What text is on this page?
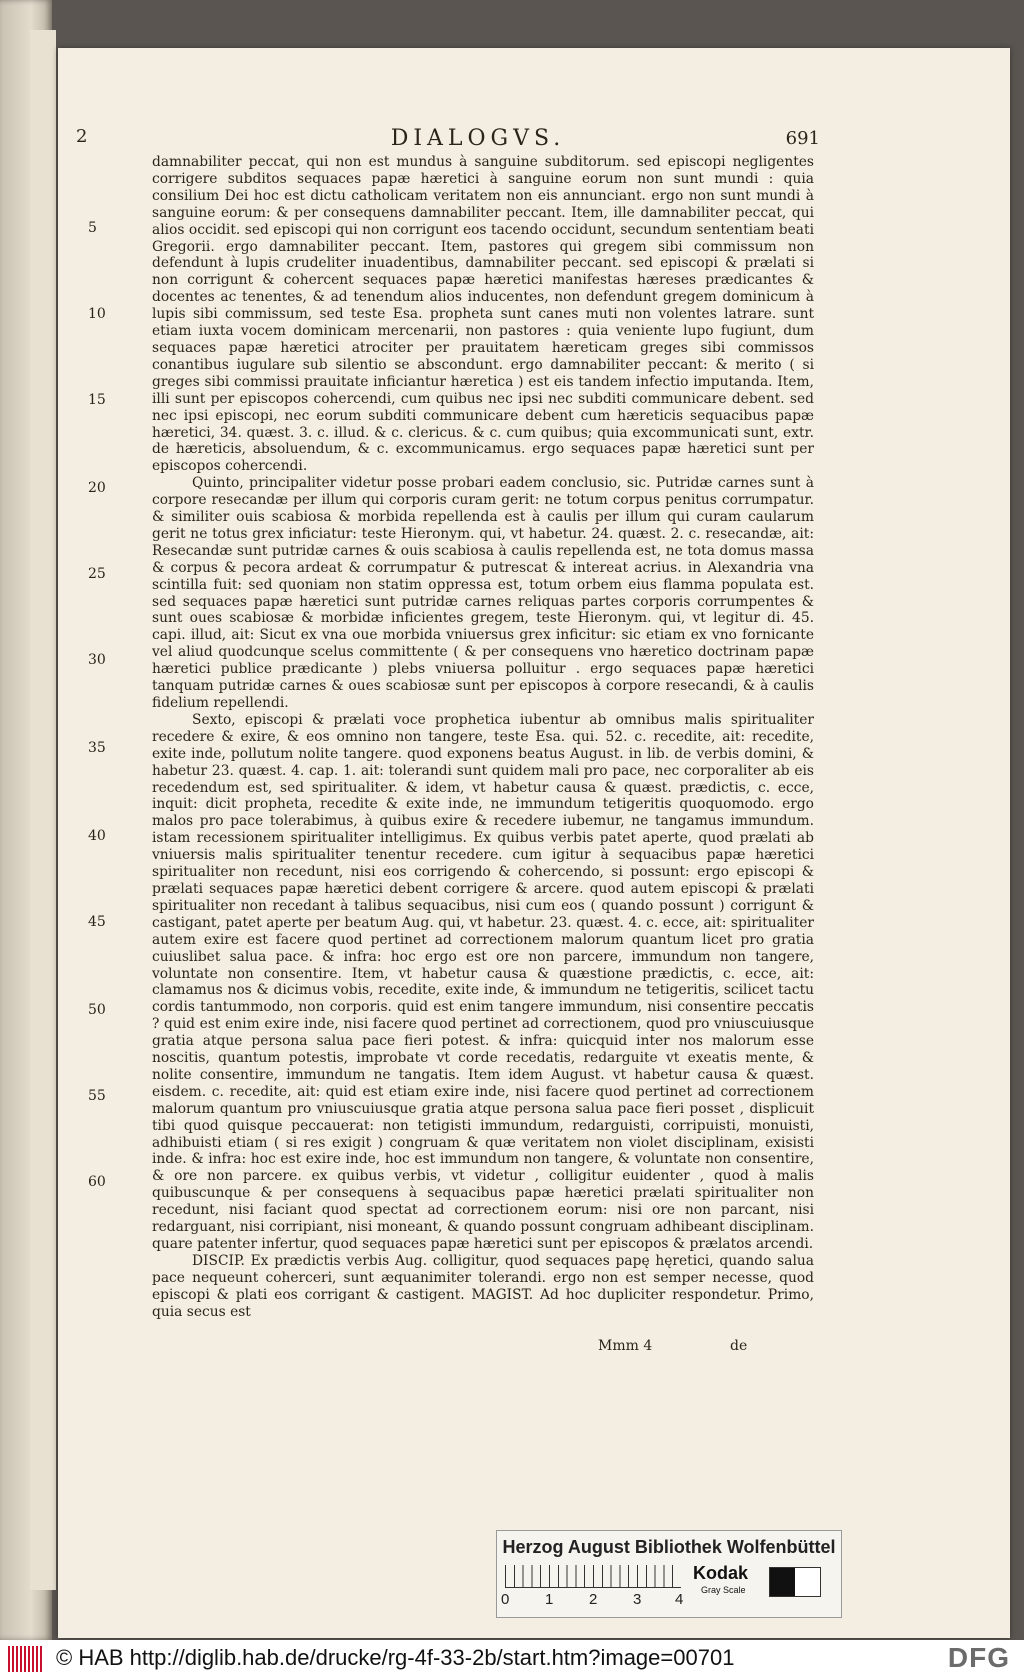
2	DIALOGVS.	691
5
10
15
20
25
30
35
40
45
50
55
60

damnabiliter peccat, qui non est mundus à sanguine subditorum. sed episcopi negligentes corrigere subditos sequaces papæ hæretici à sanguine eorum non sunt mundi : quia consilium Dei hoc est dictu catholicam veritatem non eis annunciant. ergo non sunt mundi à sanguine eorum: & per consequens damnabiliter peccant. Item, ille damnabiliter peccat, qui alios occidit. sed episcopi qui non corrigunt eos tacendo occidunt, secundum sententiam beati Gregorii. ergo damnabiliter peccant. Item, pastores qui gregem sibi commissum non defendunt à lupis crudeliter inuadentibus, damnabiliter peccant. sed episcopi & prælati si non corrigunt & cohercent sequaces papæ hæretici manifestas hæreses prædicantes & docentes ac tenentes, & ad tenendum alios inducentes, non defendunt gregem dominicum à lupis sibi commissum, sed teste Esa. propheta sunt canes muti non volentes latrare. sunt etiam iuxta vocem dominicam mercenarii, non pastores : quia veniente lupo fugiunt, dum sequaces papæ hæretici atrociter per prauitatem hæreticam greges sibi commissos conantibus iugulare sub silentio se abscondunt. ergo damnabiliter peccant: & merito ( si greges sibi commissi prauitate inficiantur hæretica ) est eis tandem infectio imputanda. Item, illi sunt per episcopos cohercendi, cum quibus nec ipsi nec subditi communicare debent. sed nec ipsi episcopi, nec eorum subditi communicare debent cum hæreticis sequacibus papæ hæretici, 34. quæst. 3. c. illud. & c. clericus. & c. cum quibus; quia excommunicati sunt, extr. de hæreticis, absoluendum, & c. excommunicamus. ergo sequaces papæ hæretici sunt per episcopos cohercendi.

Quinto, principaliter videtur posse probari eadem conclusio, sic. Putridæ carnes sunt à corpore resecandæ per illum qui corporis curam gerit: ne totum corpus penitus corrumpatur. & similiter ouis scabiosa & morbida repellenda est à caulis per illum qui curam caularum gerit ne totus grex inficiatur: teste Hieronym. qui, vt habetur. 24. quæst. 2. c. resecandæ, ait: Resecandæ sunt putridæ carnes & ouis scabiosa à caulis repellenda est, ne tota domus massa & corpus & pecora ardeat & corrumpatur & putrescat & intereat acrius. in Alexandria vna scintilla fuit: sed quoniam non statim oppressa est, totum orbem eius flamma populata est. sed sequaces papæ hæretici sunt putridæ carnes reliquas partes corporis corrumpentes & sunt oues scabiosæ & morbidæ inficientes gregem, teste Hieronym. qui, vt legitur di. 45. capi. illud, ait: Sicut ex vna oue morbida vniuersus grex inficitur: sic etiam ex vno fornicante vel aliud quodcunque scelus committente ( & per consequens vno hæretico doctrinam papæ hæretici publice prædicante ) plebs vniuersa polluitur . ergo sequaces papæ hæretici tanquam putridæ carnes & oues scabiosæ sunt per episcopos à corpore resecandi, & à caulis fidelium repellendi.

Sexto, episcopi & prælati voce prophetica iubentur ab omnibus malis spiritualiter recedere & exire, & eos omnino non tangere, teste Esa. qui. 52. c. recedite, ait: recedite, exite inde, pollutum nolite tangere. quod exponens beatus August. in lib. de verbis domini, & habetur 23. quæst. 4. cap. 1. ait: tolerandi sunt quidem mali pro pace, nec corporaliter ab eis recedendum est, sed spiritualiter. & idem, vt habetur causa & quæst. prædictis, c. ecce, inquit: dicit propheta, recedite & exite inde, ne immundum tetigeritis quoquomodo. ergo malos pro pace tolerabimus, à quibus exire & recedere iubemur, ne tangamus immundum. istam recessionem spiritualiter intelligimus. Ex quibus verbis patet aperte, quod prælati ab vniuersis malis spiritualiter tenentur recedere. cum igitur à sequacibus papæ hæretici spiritualiter non recedunt, nisi eos corrigendo & cohercendo, si possunt: ergo episcopi & prælati sequaces papæ hæretici debent corrigere & arcere. quod autem episcopi & prælati spiritualiter non recedant à talibus sequacibus, nisi cum eos ( quando possunt ) corrigunt & castigant, patet aperte per beatum Aug. qui, vt habetur. 23. quæst. 4. c. ecce, ait: spiritualiter autem exire est facere quod pertinet ad correctionem malorum quantum licet pro gratia cuiuslibet salua pace. & infra: hoc ergo est ore non parcere, immundum non tangere, voluntate non consentire. Item, vt habetur causa & quæstione prædictis, c. ecce, ait: clamamus nos & dicimus vobis, recedite, exite inde, & immundum ne tetigeritis, scilicet tactu cordis tantummodo, non corporis. quid est enim tangere immundum, nisi consentire peccatis ? quid est enim exire inde, nisi facere quod pertinet ad correctionem, quod pro vniuscuiusque gratia atque persona salua pace fieri potest. & infra: quicquid inter nos malorum esse noscitis, quantum potestis, improbate vt corde recedatis, redarguite vt exeatis mente, & nolite consentire, immundum ne tangatis. Item idem August. vt habetur causa & quæst. eisdem. c. recedite, ait: quid est etiam exire inde, nisi facere quod pertinet ad correctionem malorum quantum pro vniuscuiusque gratia atque persona salua pace fieri posset , displicuit tibi quod quisque peccauerat: non tetigisti immundum, redarguisti, corripuisti, monuisti, adhibuisti etiam ( si res exigit ) congruam & quæ veritatem non violet disciplinam, exisisti inde. & infra: hoc est exire inde, hoc est immundum non tangere, & voluntate non consentire, & ore non parcere. ex quibus verbis, vt videtur , colligitur euidenter , quod à malis quibuscunque & per consequens à sequacibus papæ hæretici prælati spiritualiter non recedunt, nisi faciant quod spectat ad correctionem eorum: nisi ore non parcant, nisi redarguant, nisi corripiant, nisi moneant, & quando possunt congruam adhibeant disciplinam. quare patenter infertur, quod sequaces papæ hæretici sunt per episcopos & prælatos arcendi.

DISCIP. Ex prædictis verbis Aug. colligitur, quod sequaces papę hęretici, quando salua pace nequeunt coherceri, sunt æquanimiter tolerandi. ergo non est semper necesse, quod episcopi & plati eos corrigant & castigent. MAGIST. Ad hoc dupliciter respondetur. Primo, quia secus est

Mmm 4	de
Herzog August Bibliothek Wolfenbüttel
0 1 2 3 4
Kodak
Gray Scale
© HAB http://diglib.hab.de/drucke/rg-4f-33-2b/start.htm?image=00701	DFG
